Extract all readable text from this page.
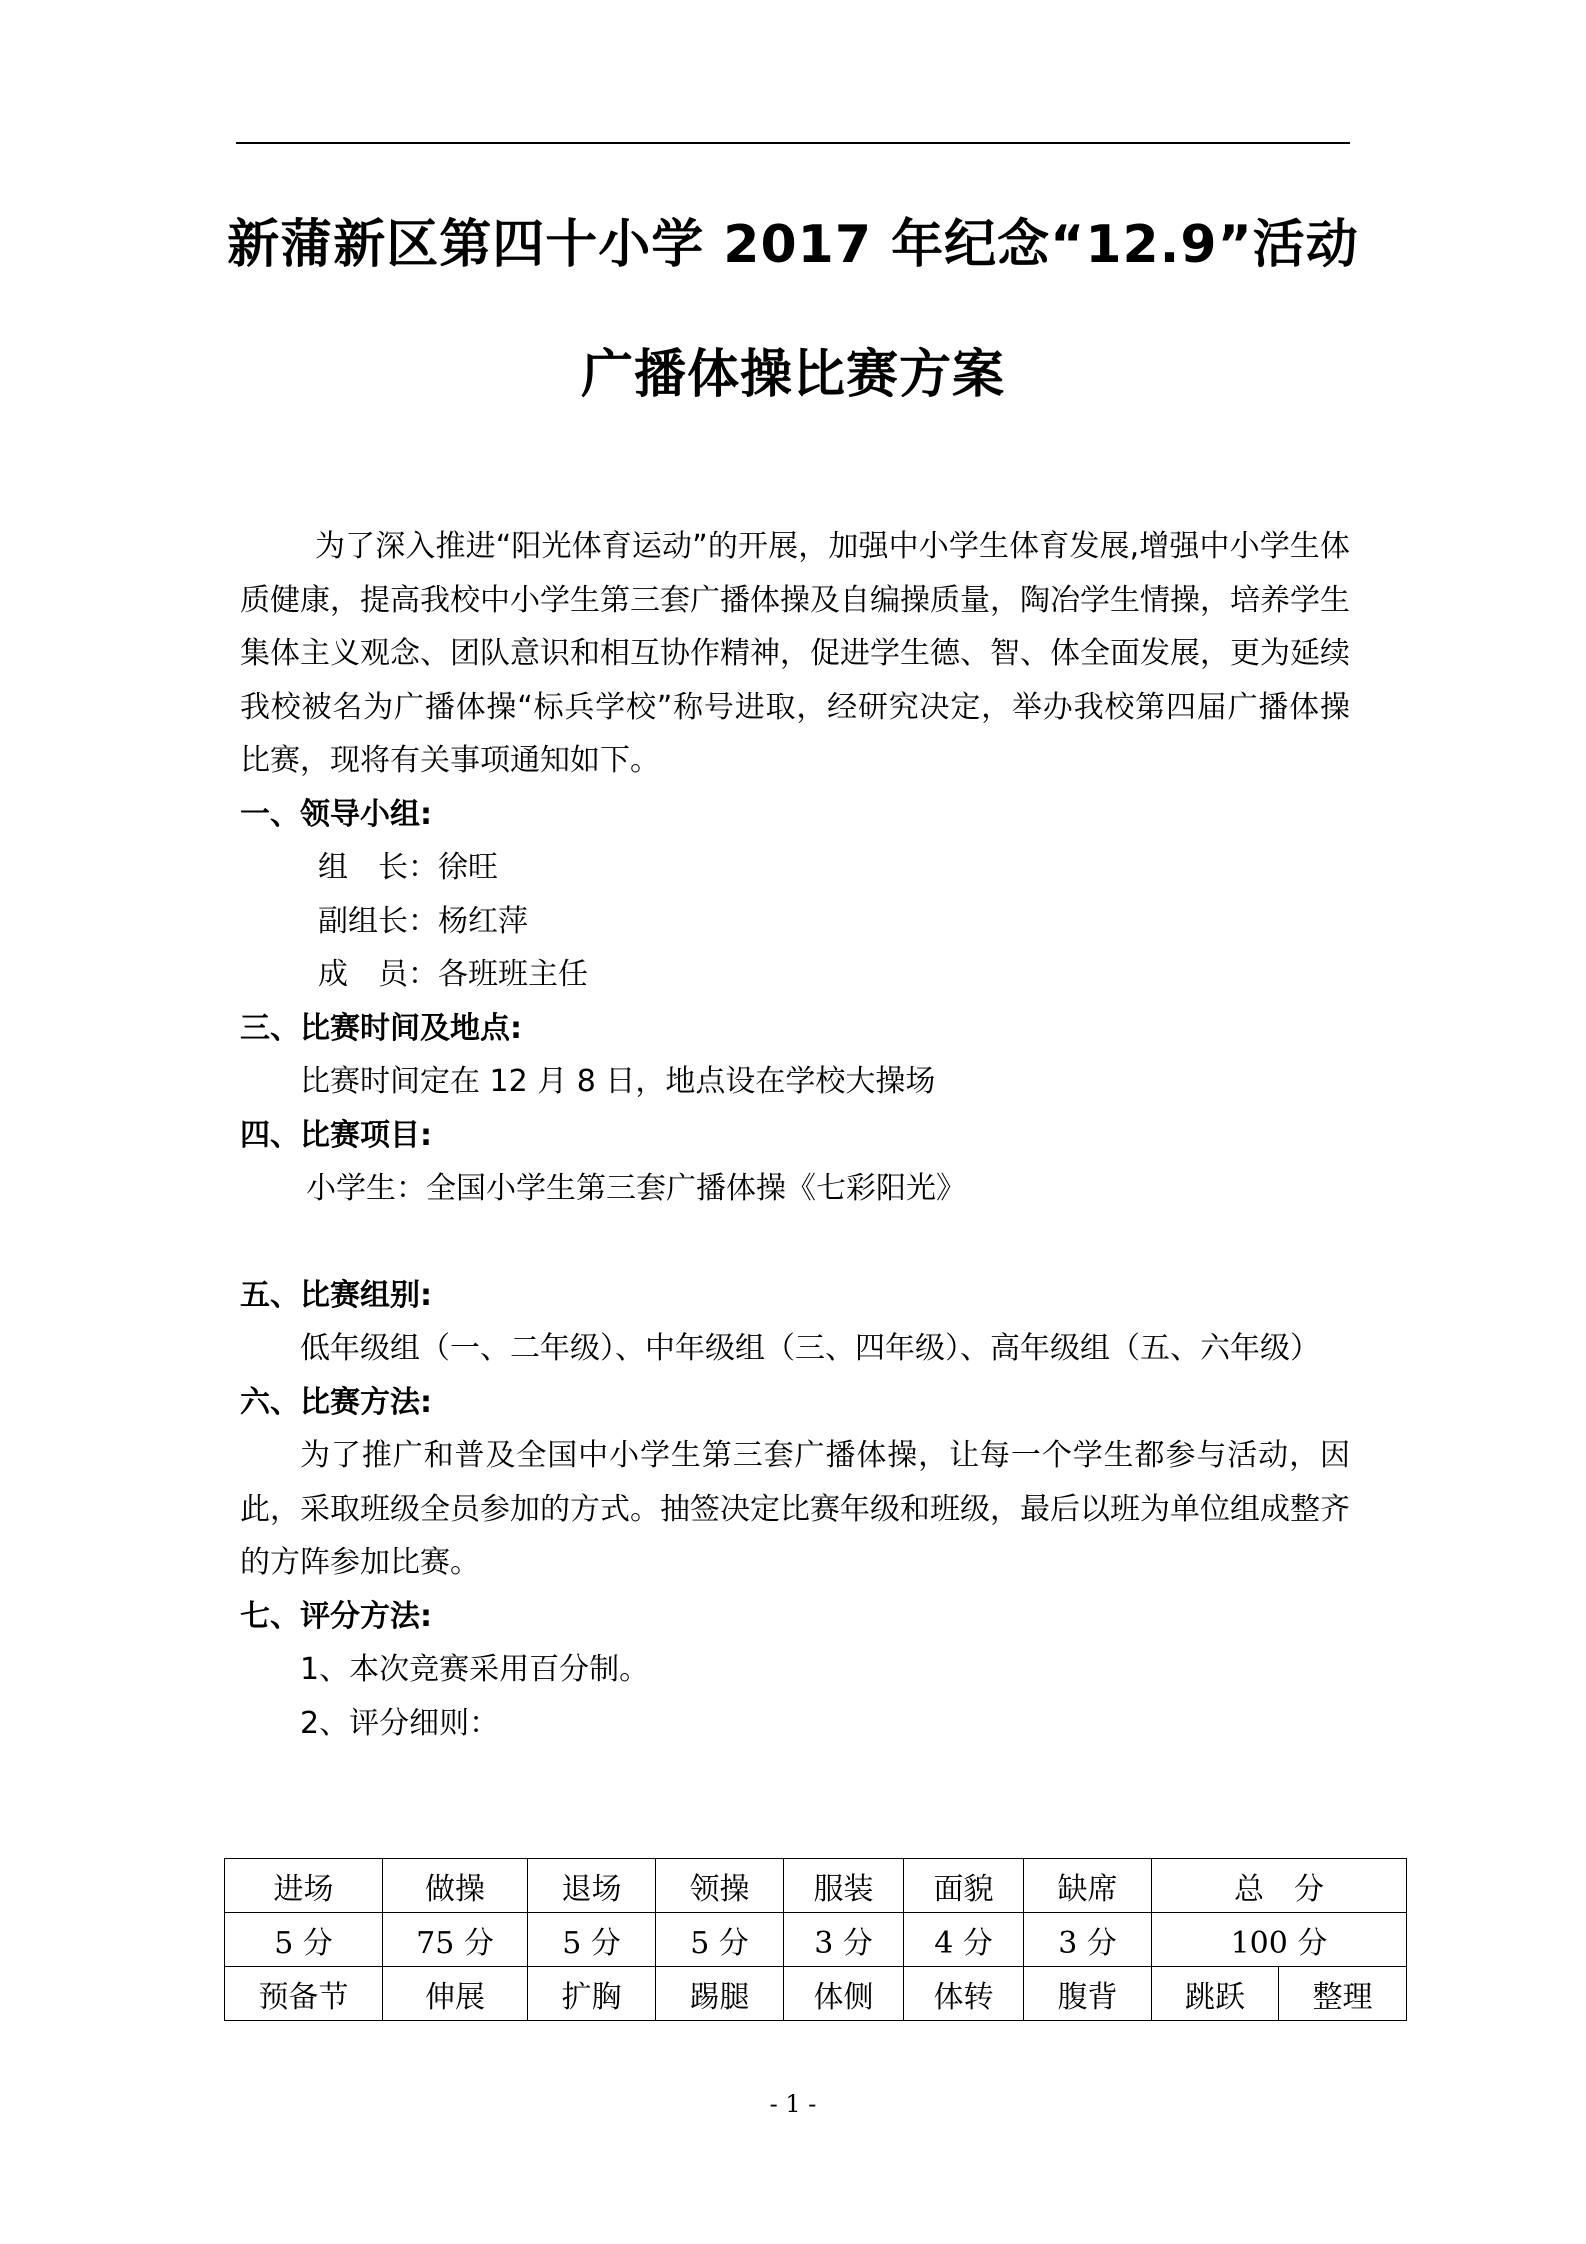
新蒲新区第四十小学 2017 年纪念“12.9”活动
广播体操比赛方案

为了深入推进“阳光体育运动”的开展，加强中小学生体育发展,增强中小学生体质健康，提高我校中小学生第三套广播体操及自编操质量，陶冶学生情操，培养学生集体主义观念、团队意识和相互协作精神，促进学生德、智、体全面发展，更为延续我校被名为广播体操“标兵学校”称号进取，经研究决定，举办我校第四届广播体操比赛，现将有关事项通知如下。

一、领导小组:

组　长：徐旺

副组长：杨红萍

成　员：各班班主任

三、比赛时间及地点:

比赛时间定在 12 月 8 日，地点设在学校大操场

四、比赛项目:

小学生：全国小学生第三套广播体操《七彩阳光》

五、比赛组别:

低年级组（一、二年级）、中年级组（三、四年级）、高年级组（五、六年级）

六、比赛方法:

为了推广和普及全国中小学生第三套广播体操，让每一个学生都参与活动，因此，采取班级全员参加的方式。抽签决定比赛年级和班级，最后以班为单位组成整齐的方阵参加比赛。

七、评分方法:

1、本次竞赛采用百分制。

2、评分细则：

进场	做操	退场	领操	服装	面貌	缺席	总　分	
5 分	75 分	5 分	5 分	3 分	4 分	3 分	100 分	
预备节	伸展	扩胸	踢腿	体侧	体转	腹背	跳跃	整理
- 1 -
